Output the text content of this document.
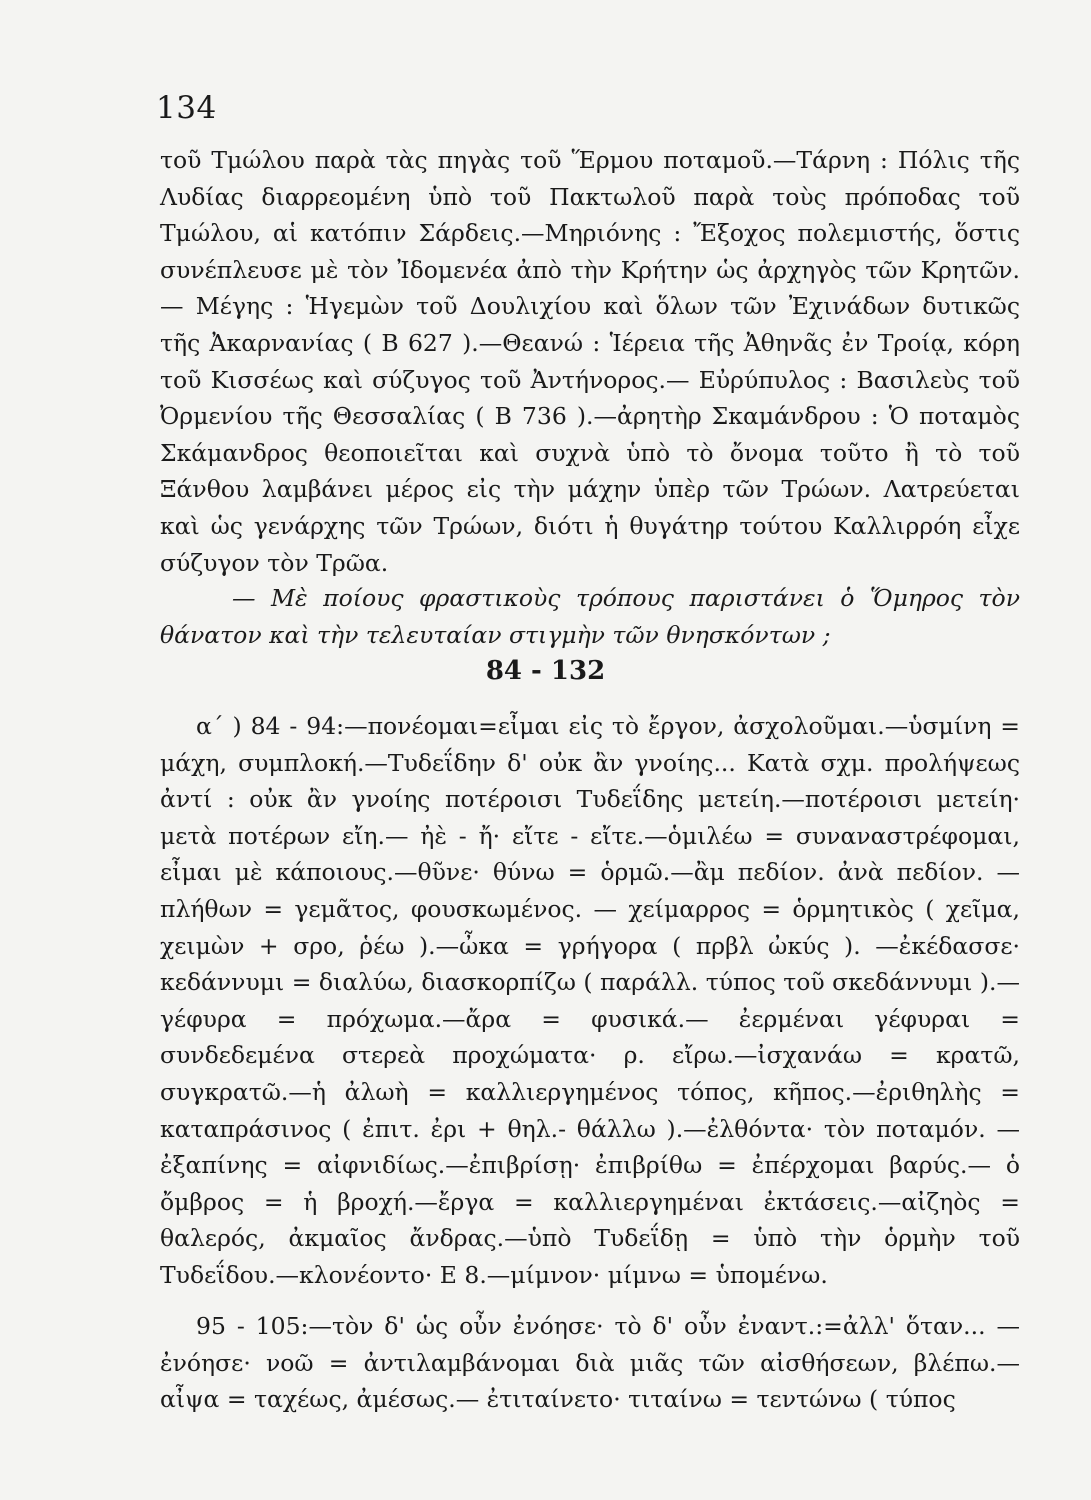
134

τοῦ Τμώλου παρὰ τὰς πηγὰς τοῦ Ἕρμου ποταμοῦ.—Τάρνη : Πόλις τῆς Λυδίας διαρρεομένη ὑπὸ τοῦ Πακτωλοῦ παρὰ τοὺς πρόποδας τοῦ Τμώλου, αἱ κατόπιν Σάρδεις.—Μηριόνης : Ἔξοχος πολεμιστής, ὅστις συνέπλευσε μὲ τὸν Ἰδομενέα ἀπὸ τὴν Κρήτην ὡς ἀρχηγὸς τῶν Κρητῶν.— Μέγης : Ἡγεμὼν τοῦ Δουλιχίου καὶ ὅλων τῶν Ἐχινάδων δυτικῶς τῆς Ἀκαρνανίας ( Β 627 ).—Θεανώ : Ἱέρεια τῆς Ἀθηνᾶς ἐν Τροίᾳ, κόρη τοῦ Κισσέως καὶ σύζυγος τοῦ Ἀντήνορος.— Εὐρύπυλος : Βασιλεὺς τοῦ Ὀρμενίου τῆς Θεσσαλίας ( Β 736 ).—ἀρητὴρ Σκαμάνδρου : Ὁ ποταμὸς Σκάμανδρος θεοποιεῖται καὶ συχνὰ ὑπὸ τὸ ὄνομα τοῦτο ἢ τὸ τοῦ Ξάνθου λαμβάνει μέρος εἰς τὴν μάχην ὑπὲρ τῶν Τρώων. Λατρεύεται καὶ ὡς γενάρχης τῶν Τρώων, διότι ἡ θυγάτηρ τούτου Καλλιρρόη εἶχε σύζυγον τὸν Τρῶα.

— Μὲ ποίους φραστικοὺς τρόπους παριστάνει ὁ Ὅμηρος τὸν θάνατον καὶ τὴν τελευταίαν στιγμὴν τῶν θνησκόντων ;

84 - 132

α΄ ) 84 - 94:—πονέομαι=εἶμαι εἰς τὸ ἔργον, ἀσχολοῦμαι.—ὑσμίνη = μάχη, συμπλοκή.—Τυδεΐδην δ' οὐκ ἂν γνοίης... Κατὰ σχμ. προλήψεως ἀντί : οὐκ ἂν γνοίης ποτέροισι Τυδεΐδης μετείη.—ποτέροισι μετείη· μετὰ ποτέρων εἴη.— ἠὲ - ἤ· εἴτε - εἴτε.—ὁμιλέω = συναναστρέφομαι, εἶμαι μὲ κάποιους.—θῦνε· θύνω = ὁρμῶ.—ἂμ πεδίον. ἀνὰ πεδίον. — πλήθων = γεμᾶτος, φουσκωμένος. — χείμαρρος = ὁρμητικὸς ( χεῖμα, χειμὼν + σρο, ῥέω ).—ὦκα = γρήγορα ( πρβλ ὠκύς ). —ἐκέδασσε· κεδάννυμι = διαλύω, διασκορπίζω ( παράλλ. τύπος τοῦ σκεδάννυμι ).— γέφυρα = πρόχωμα.—ἄρα = φυσικά.— ἐερμέναι γέφυραι = συνδεδεμένα στερεὰ προχώματα· ρ. εἴρω.—ἰσχανάω = κρατῶ, συγκρατῶ.—ἡ ἀλωὴ = καλλιεργημένος τόπος, κῆπος.—ἐριθηλὴς = καταπράσινος ( ἐπιτ. ἐρι + θηλ.- θάλλω ).—ἐλθόντα· τὸν ποταμόν. —ἐξαπίνης = αἰφνιδίως.—ἐπιβρίσῃ· ἐπιβρίθω = ἐπέρχομαι βαρύς.— ὁ ὄμβρος = ἡ βροχή.—ἔργα = καλλιεργημέναι ἐκτάσεις.—αἰζηὸς = θαλερός, ἀκμαῖος ἄνδρας.—ὑπὸ Τυδεΐδῃ = ὑπὸ τὴν ὁρμὴν τοῦ Τυδεΐδου.—κλονέοντο· Ε 8.—μίμνον· μίμνω = ὑπομένω.

95 - 105:—τὸν δ' ὡς οὖν ἐνόησε· τὸ δ' οὖν ἐναντ.:=ἀλλ' ὅταν... —ἐνόησε· νοῶ = ἀντιλαμβάνομαι διὰ μιᾶς τῶν αἰσθήσεων, βλέπω.— αἶψα = ταχέως, ἀμέσως.— ἐτιταίνετο· τιταίνω = τεντώνω ( τύπος
